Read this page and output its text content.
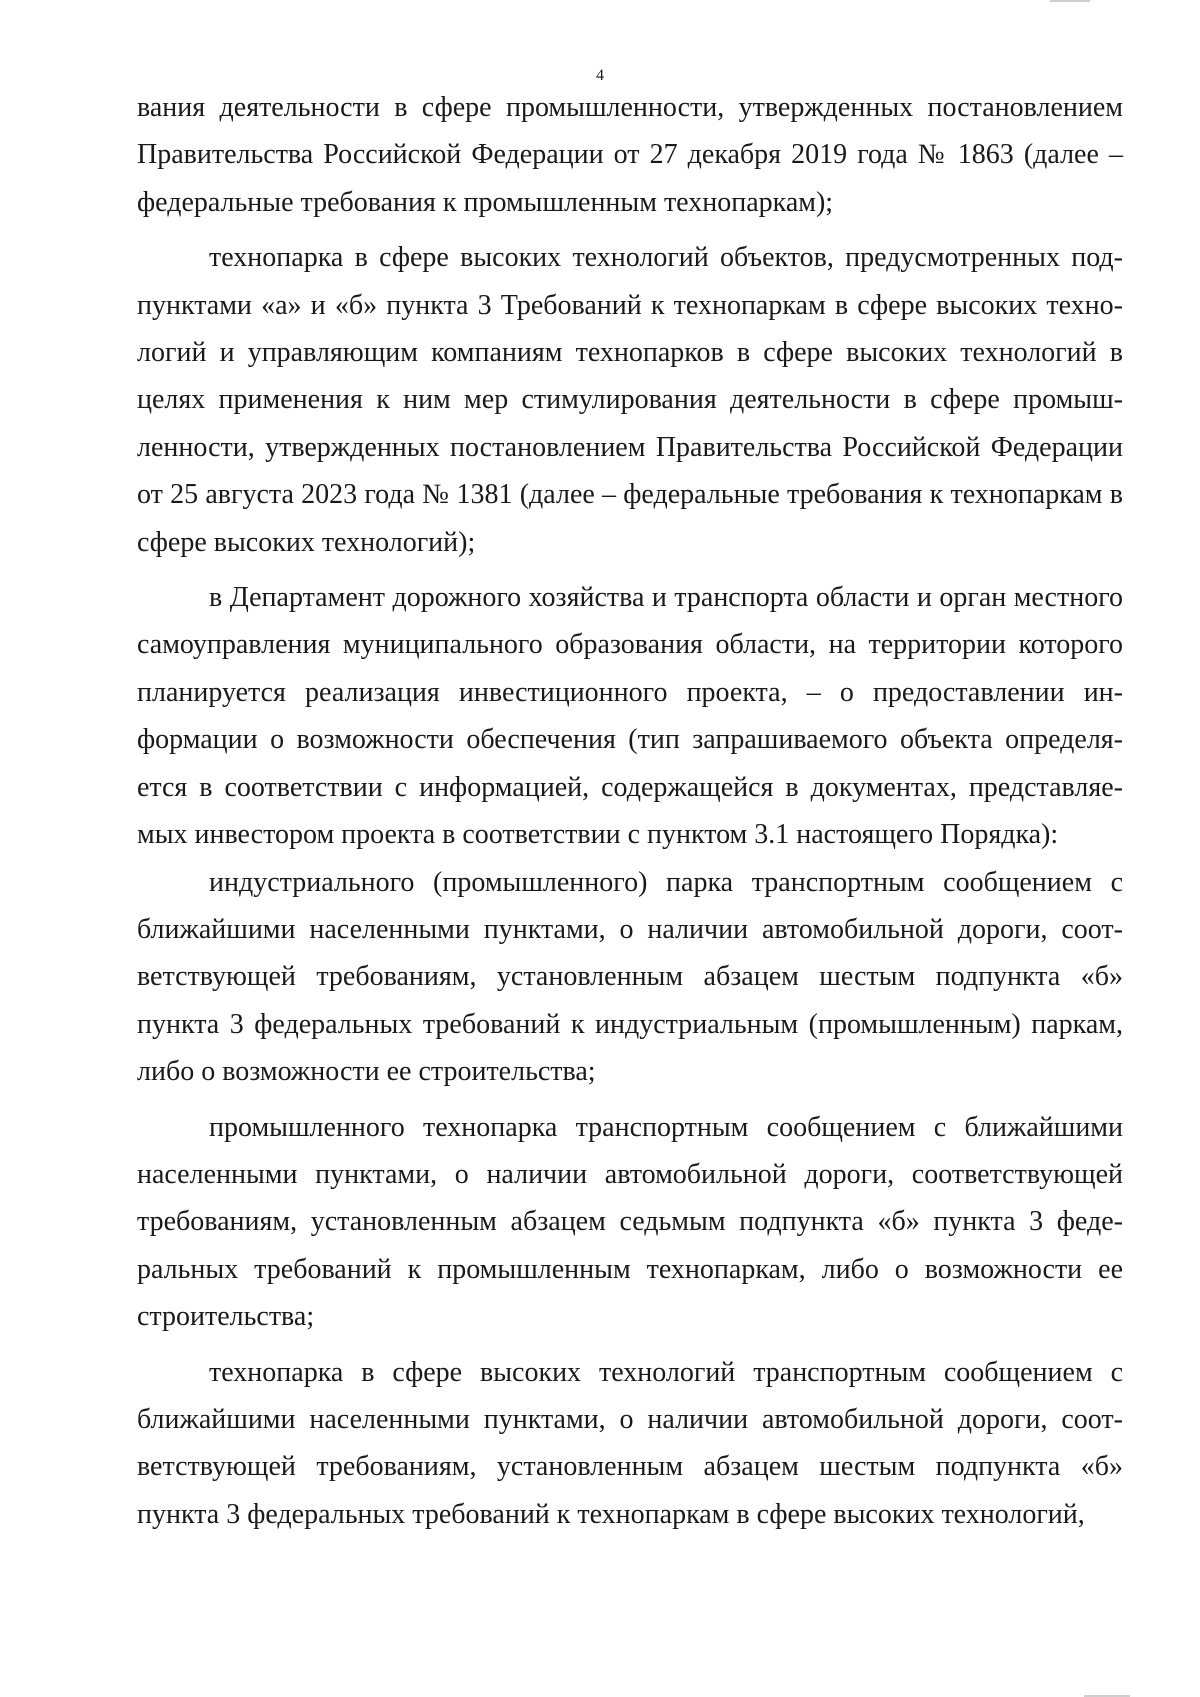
4

вания деятельности в сфере промышленности, утвержденных постановлением Правительства Российской Федерации от 27 декабря 2019 года № 1863 (далее – федеральные требования к промышленным технопаркам);

технопарка в сфере высоких технологий объектов, предусмотренных подпунктами «а» и «б» пункта 3 Требований к технопаркам в сфере высоких технологий и управляющим компаниям технопарков в сфере высоких технологий в целях применения к ним мер стимулирования деятельности в сфере промышленности, утвержденных постановлением Правительства Российской Федерации от 25 августа 2023 года № 1381 (далее – федеральные требования к технопаркам в сфере высоких технологий);

в Департамент дорожного хозяйства и транспорта области и орган местного самоуправления муниципального образования области, на территории которого планируется реализация инвестиционного проекта, – о предоставлении информации о возможности обеспечения (тип запрашиваемого объекта определяется в соответствии с информацией, содержащейся в документах, представляемых инвестором проекта в соответствии с пунктом 3.1 настоящего Порядка):

индустриального (промышленного) парка транспортным сообщением с ближайшими населенными пунктами, о наличии автомобильной дороги, соответствующей требованиям, установленным абзацем шестым подпункта «б» пункта 3 федеральных требований к индустриальным (промышленным) паркам, либо о возможности ее строительства;

промышленного технопарка транспортным сообщением с ближайшими населенными пунктами, о наличии автомобильной дороги, соответствующей требованиям, установленным абзацем седьмым подпункта «б» пункта 3 федеральных требований к промышленным технопаркам, либо о возможности ее строительства;

технопарка в сфере высоких технологий транспортным сообщением с ближайшими населенными пунктами, о наличии автомобильной дороги, соответствующей требованиям, установленным абзацем шестым подпункта «б» пункта 3 федеральных требований к технопаркам в сфере высоких технологий,
